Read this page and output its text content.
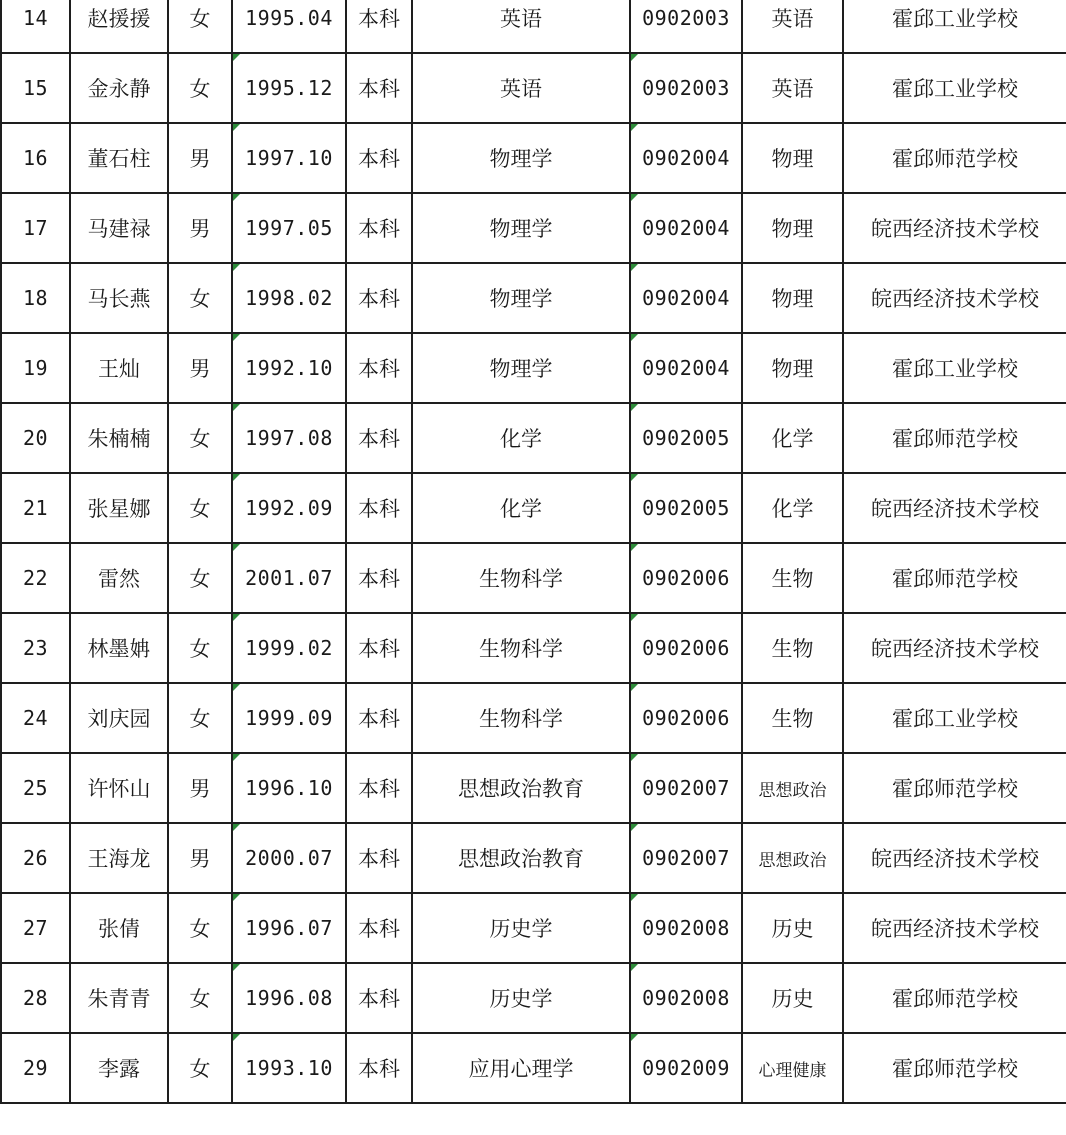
14	赵援援	女	1995.04	本科	英语	0902003	英语	霍邱工业学校
15	金永静	女	1995.12	本科	英语	0902003	英语	霍邱工业学校
16	董石柱	男	1997.10	本科	物理学	0902004	物理	霍邱师范学校
17	马建禄	男	1997.05	本科	物理学	0902004	物理	皖西经济技术学校
18	马长燕	女	1998.02	本科	物理学	0902004	物理	皖西经济技术学校
19	王灿	男	1992.10	本科	物理学	0902004	物理	霍邱工业学校
20	朱楠楠	女	1997.08	本科	化学	0902005	化学	霍邱师范学校
21	张星娜	女	1992.09	本科	化学	0902005	化学	皖西经济技术学校
22	雷然	女	2001.07	本科	生物科学	0902006	生物	霍邱师范学校
23	林墨姌	女	1999.02	本科	生物科学	0902006	生物	皖西经济技术学校
24	刘庆园	女	1999.09	本科	生物科学	0902006	生物	霍邱工业学校
25	许怀山	男	1996.10	本科	思想政治教育	0902007	思想政治	霍邱师范学校
26	王海龙	男	2000.07	本科	思想政治教育	0902007	思想政治	皖西经济技术学校
27	张倩	女	1996.07	本科	历史学	0902008	历史	皖西经济技术学校
28	朱青青	女	1996.08	本科	历史学	0902008	历史	霍邱师范学校
29	李露	女	1993.10	本科	应用心理学	0902009	心理健康	霍邱师范学校
